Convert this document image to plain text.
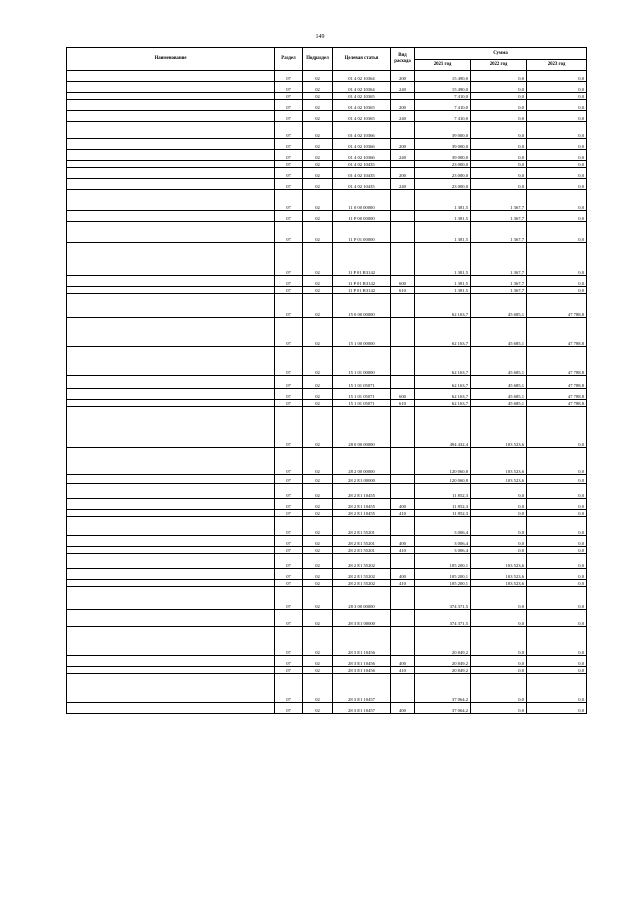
149
Наименование	Раздел	Подраздел	Целевая статья	Вид расхода	Сумма		
					2021 год	2022 год	2023 год
	07	02	01 4 02 10364	200	15 490,0	0,0	0,0
	07	02	01 4 02 10364	240	15 490,0	0,0	0,0
	07	02	01 4 02 10365		7 410,0	0,0	0,0
	07	02	01 4 02 10365	200	7 410,0	0,0	0,0
	07	02	01 4 02 10365	240	7 410,0	0,0	0,0
	07	02	01 4 02 10366		39 000,0	0,0	0,0
	07	02	01 4 02 10366	200	39 000,0	0,0	0,0
	07	02	01 4 02 10366	240	39 000,0	0,0	0,0
	07	02	01 4 02 10435		23 000,0	0,0	0,0
	07	02	01 4 02 10435	200	23 000,0	0,0	0,0
	07	02	01 4 02 10435	240	23 000,0	0,0	0,0
	07	02	11 0 00 00000		1 381,5	1 367,7	0,0
	07	02	11 P 00 00000		1 381,5	1 367,7	0,0
	07	02	11 P 01 00000		1 381,5	1 367,7	0,0
	07	02	11 P 01 R3142		1 381,5	1 367,7	0,0
	07	02	11 P 01 R3142	600	1 381,5	1 367,7	0,0
	07	02	11 P 01 R3142	610	1 381,5	1 367,7	0,0
	07	02	15 0 00 00000		62 163,7	45 685,1	47 788,8
	07	02	15 1 00 00000		62 163,7	45 685,1	47 788,8
	07	02	15 1 01 00000		62 163,7	45 685,1	47 788,8
	07	02	15 1 01 05071		62 163,7	45 685,1	47 788,8
	07	02	15 1 01 05071	600	62 163,7	45 685,1	47 788,8
	07	02	15 1 01 05071	610	62 163,7	45 685,1	47 788,8
	07	02	28 0 00 00000		494 432,4	103 523,6	0,0
	07	02	28 2 00 00000		120 060,8	103 523,6	0,0
	07	02	28 2 E1 00000		120 060,8	103 523,6	0,0
	07	02	28 2 E1 10455		11 852,3	0,0	0,0
	07	02	28 2 E1 10455	400	11 852,3	0,0	0,0
	07	02	28 2 E1 10455	410	11 852,3	0,0	0,0
	07	02	28 2 E1 55201		3 006,4	0,0	0,0
	07	02	28 2 E1 55201	400	3 006,4	0,0	0,0
	07	02	28 2 E1 55201	410	3 006,4	0,0	0,0
	07	02	28 2 E1 55202		105 200,1	103 523,6	0,0
	07	02	28 2 E1 55202	400	105 200,1	103 523,6	0,0
	07	02	28 2 E1 55202	410	105 200,1	103 523,6	0,0
	07	02	28 3 00 00000		374 371,5	0,0	0,0
	07	02	28 3 E1 00000		374 371,5	0,0	0,0
	07	02	28 3 E1 10456		20 849,2	0,0	0,0
	07	02	28 3 E1 10456	400	20 849,2	0,0	0,0
	07	02	28 3 E1 10456	410	20 849,2	0,0	0,0
	07	02	28 3 E1 10457		37 064,2	0,0	0,0
	07	02	28 3 E1 10457	400	37 064,2	0,0	0,0
